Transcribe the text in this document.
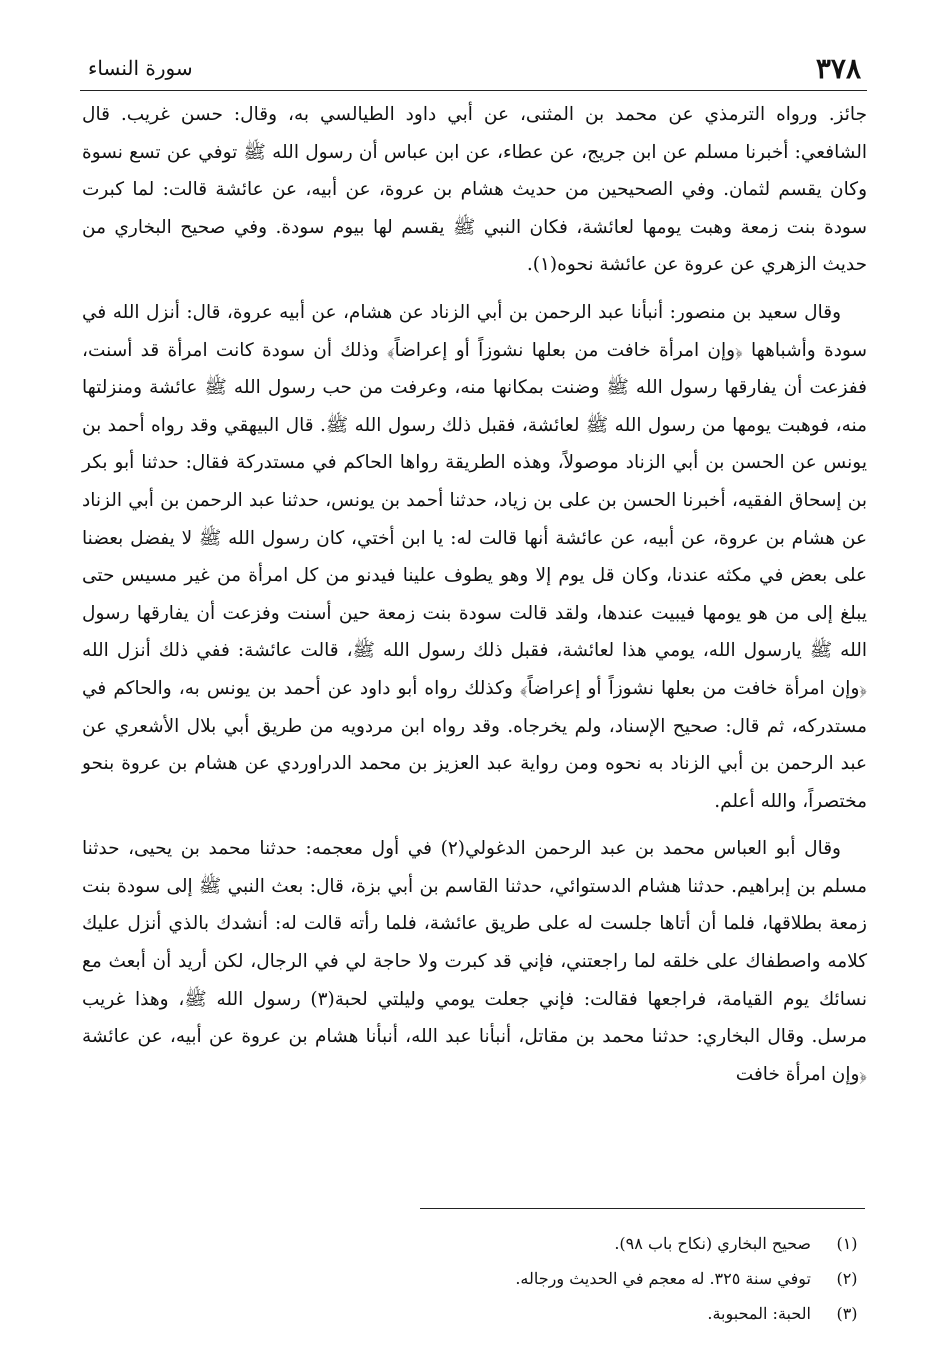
سورة النساء	٣٧٨

جائز. ورواه الترمذي عن محمد بن المثنى، عن أبي داود الطيالسي به، وقال: حسن غريب. قال الشافعي: أخبرنا مسلم عن ابن جريج، عن عطاء، عن ابن عباس أن رسول الله ﷺ توفي عن تسع نسوة وكان يقسم لثمان. وفي الصحيحين من حديث هشام بن عروة، عن أبيه، عن عائشة قالت: لما كبرت سودة بنت زمعة وهبت يومها لعائشة، فكان النبي ﷺ يقسم لها بيوم سودة. وفي صحيح البخاري من حديث الزهري عن عروة عن عائشة نحوه(١).

وقال سعيد بن منصور: أنبأنا عبد الرحمن بن أبي الزناد عن هشام، عن أبيه عروة، قال: أنزل الله في سودة وأشباهها ﴿وإن امرأة خافت من بعلها نشوزاً أو إعراضاً﴾ وذلك أن سودة كانت امرأة قد أسنت، ففزعت أن يفارقها رسول الله ﷺ وضنت بمكانها منه، وعرفت من حب رسول الله ﷺ عائشة ومنزلتها منه، فوهبت يومها من رسول الله ﷺ لعائشة، فقبل ذلك رسول الله ﷺ. قال البيهقي وقد رواه أحمد بن يونس عن الحسن بن أبي الزناد موصولاً، وهذه الطريقة رواها الحاكم في مستدركة فقال: حدثنا أبو بكر بن إسحاق الفقيه، أخبرنا الحسن بن على بن زياد، حدثنا أحمد بن يونس، حدثنا عبد الرحمن بن أبي الزناد عن هشام بن عروة، عن أبيه، عن عائشة أنها قالت له: يا ابن أختي، كان رسول الله ﷺ لا يفضل بعضنا على بعض في مكثه عندنا، وكان قل يوم إلا وهو يطوف علينا فيدنو من كل امرأة من غير مسيس حتى يبلغ إلى من هو يومها فيبيت عندها، ولقد قالت سودة بنت زمعة حين أسنت وفزعت أن يفارقها رسول الله ﷺ يارسول الله، يومي هذا لعائشة، فقبل ذلك رسول الله ﷺ، قالت عائشة: ففي ذلك أنزل الله ﴿وإن امرأة خافت من بعلها نشوزاً أو إعراضاً﴾ وكذلك رواه أبو داود عن أحمد بن يونس به، والحاكم في مستدركه، ثم قال: صحيح الإسناد، ولم يخرجاه. وقد رواه ابن مردويه من طريق أبي بلال الأشعري عن عبد الرحمن بن أبي الزناد به نحوه ومن رواية عبد العزيز بن محمد الدراوردي عن هشام بن عروة بنحو مختصراً، والله أعلم.

وقال أبو العباس محمد بن عبد الرحمن الدغولي(٢) في أول معجمه: حدثنا محمد بن يحيى، حدثنا مسلم بن إبراهيم. حدثنا هشام الدستوائي، حدثنا القاسم بن أبي بزة، قال: بعث النبي ﷺ إلى سودة بنت زمعة بطلاقها، فلما أن أتاها جلست له على طريق عائشة، فلما رأته قالت له: أنشدك بالذي أنزل عليك كلامه واصطفاك على خلقه لما راجعتني، فإني قد كبرت ولا حاجة لي في الرجال، لكن أريد أن أبعث مع نسائك يوم القيامة، فراجعها فقالت: فإني جعلت يومي وليلتي لحبة(٣) رسول الله ﷺ، وهذا غريب مرسل. وقال البخاري: حدثنا محمد بن مقاتل، أنبأنا عبد الله، أنبأنا هشام بن عروة عن أبيه، عن عائشة ﴿وإن امرأة خافت

(١)
صحيح البخاري (نكاح باب ٩٨).
(٢)
توفي سنة ٣٢٥. له معجم في الحديث ورجاله.
(٣)
الحبة: المحبوبة.
